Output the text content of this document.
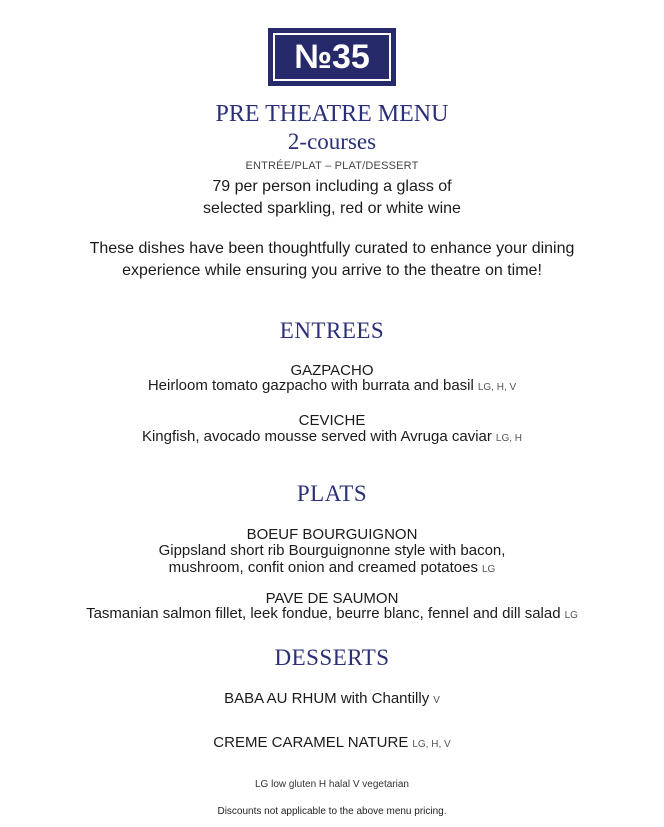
№35
PRE THEATRE MENU
2-courses
ENTRÉE/PLAT – PLAT/DESSERT
79 per person including a glass of
selected sparkling, red or white wine
These dishes have been thoughtfully curated to enhance your dining
experience while ensuring you arrive to the theatre on time!
ENTREES
GAZPACHO
Heirloom tomato gazpacho with burrata and basil LG, H, V
CEVICHE
Kingfish, avocado mousse served with Avruga caviar LG, H
PLATS
BOEUF BOURGUIGNON
Gippsland short rib Bourguignonne style with bacon,
mushroom, confit onion and creamed potatoes LG
PAVE DE SAUMON
Tasmanian salmon fillet, leek fondue, beurre blanc, fennel and dill salad LG
DESSERTS
BABA AU RHUM with Chantilly V
CREME CARAMEL NATURE LG, H, V
LG low gluten H halal V vegetarian
Discounts not applicable to the above menu pricing.
